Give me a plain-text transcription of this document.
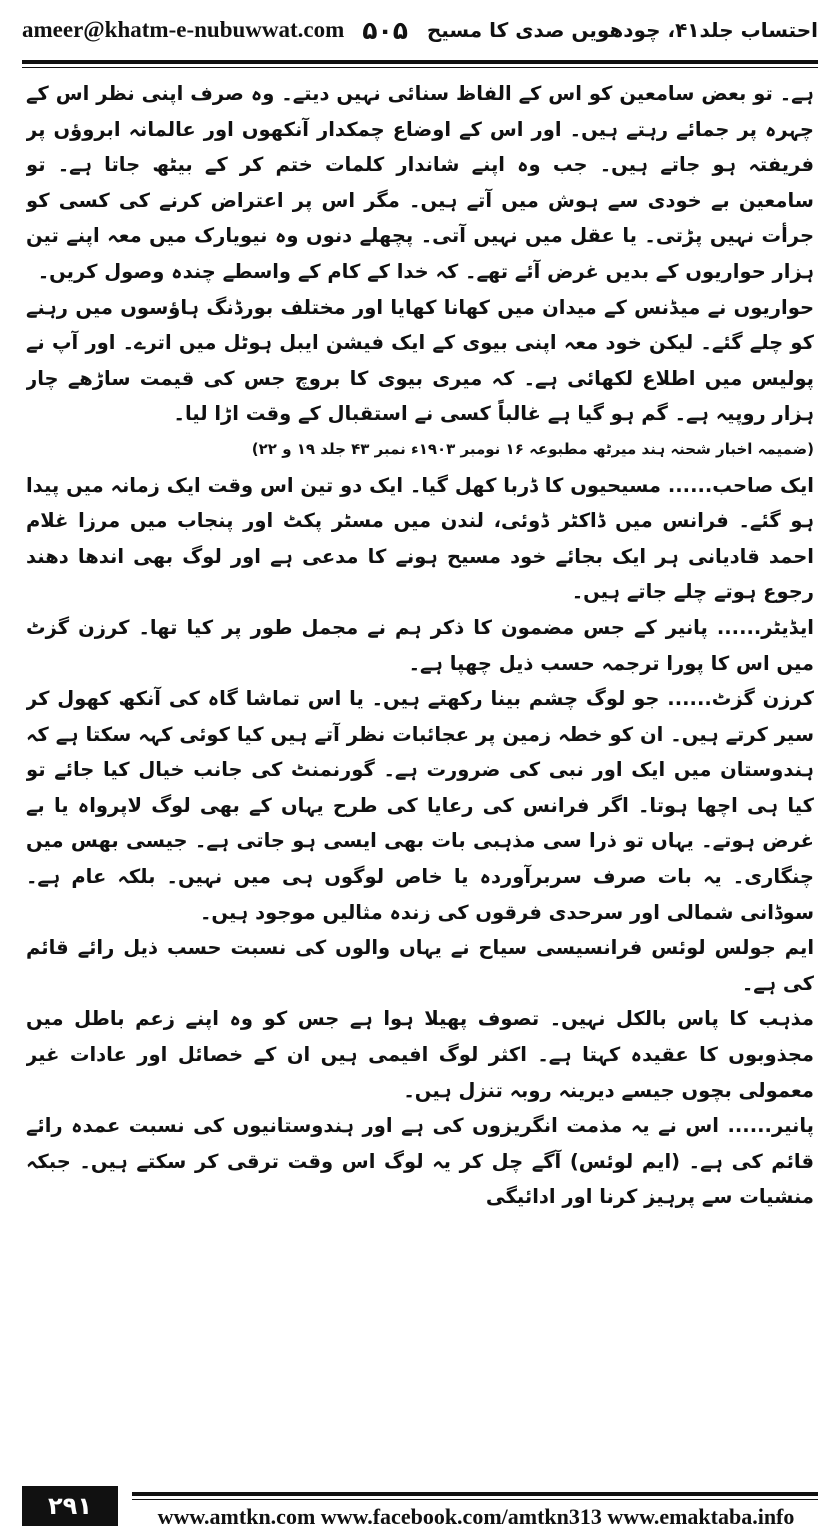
ameer@khatm-e-nubuwwat.com ۵۰۵ احتساب جلد۴۱، چودھویں صدی کا مسیح

ہے۔ تو بعض سامعین کو اس کے الفاظ سنائی نہیں دیتے۔ وہ صرف اپنی نظر اس کے چہرہ پر جمائے رہتے ہیں۔ اور اس کے اوضاع چمکدار آنکھوں اور عالمانہ ابروؤں پر فریفتہ ہو جاتے ہیں۔ جب وہ اپنے شاندار کلمات ختم کر کے بیٹھ جاتا ہے۔ تو سامعین بے خودی سے ہوش میں آتے ہیں۔ مگر اس پر اعتراض کرنے کی کسی کو جرأت نہیں پڑتی۔ یا عقل میں نہیں آتی۔ پچھلے دنوں وہ نیویارک میں معہ اپنے تین ہزار حواریوں کے بدیں غرض آئے تھے۔ کہ خدا کے کام کے واسطے چندہ وصول کریں۔

حواریوں نے میڈنس کے میدان میں کھانا کھایا اور مختلف بورڈنگ ہاؤسوں میں رہنے کو چلے گئے۔ لیکن خود معہ اپنی بیوی کے ایک فیشن ایبل ہوٹل میں اترے۔ اور آپ نے پولیس میں اطلاع لکھائی ہے۔ کہ میری بیوی کا بروچ جس کی قیمت ساڑھے چار ہزار روپیہ ہے۔ گم ہو گیا ہے غالباً کسی نے استقبال کے وقت اڑا لیا۔

(ضمیمہ اخبار شحنہ ہند میرٹھ مطبوعہ ۱۶ نومبر ۱۹۰۳ء نمبر ۴۳ جلد ۱۹ و ۲۲)

ایک صاحب...... مسیحیوں کا ڈربا کھل گیا۔ ایک دو تین اس وقت ایک زمانہ میں پیدا ہو گئے۔ فرانس میں ڈاکٹر ڈوئی، لندن میں مسٹر پکٹ اور پنجاب میں مرزا غلام احمد قادیانی ہر ایک بجائے خود مسیح ہونے کا مدعی ہے اور لوگ بھی اندھا دھند رجوع ہوتے چلے جاتے ہیں۔

ایڈیٹر...... پانیر کے جس مضمون کا ذکر ہم نے مجمل طور پر کیا تھا۔ کرزن گزٹ میں اس کا پورا ترجمہ حسب ذیل چھپا ہے۔

کرزن گزٹ...... جو لوگ چشم بینا رکھتے ہیں۔ یا اس تماشا گاہ کی آنکھ کھول کر سیر کرتے ہیں۔ ان کو خطہ زمین پر عجائبات نظر آتے ہیں کیا کوئی کہہ سکتا ہے کہ ہندوستان میں ایک اور نبی کی ضرورت ہے۔ گورنمنٹ کی جانب خیال کیا جائے تو کیا ہی اچھا ہوتا۔ اگر فرانس کی رعایا کی طرح یہاں کے بھی لوگ لاپرواہ یا بے غرض ہوتے۔ یہاں تو ذرا سی مذہبی بات بھی ایسی ہو جاتی ہے۔ جیسی بھس میں چنگاری۔ یہ بات صرف سربرآوردہ یا خاص لوگوں ہی میں نہیں۔ بلکہ عام ہے۔ سوڈانی شمالی اور سرحدی فرقوں کی زندہ مثالیں موجود ہیں۔

ایم جولس لوئس فرانسیسی سیاح نے یہاں والوں کی نسبت حسب ذیل رائے قائم کی ہے۔

مذہب کا پاس بالکل نہیں۔ تصوف پھیلا ہوا ہے جس کو وہ اپنے زعم باطل میں مجذوبوں کا عقیدہ کہتا ہے۔ اکثر لوگ افیمی ہیں ان کے خصائل اور عادات غیر معمولی بچوں جیسے دیرینہ روبہ تنزل ہیں۔

پانیر...... اس نے یہ مذمت انگریزوں کی ہے اور ہندوستانیوں کی نسبت عمدہ رائے قائم کی ہے۔ (ایم لوئس) آگے چل کر یہ لوگ اس وقت ترقی کر سکتے ہیں۔ جبکہ منشیات سے پرہیز کرنا اور ادائیگی

۲۹۱	www.amtkn.com www.facebook.com/amtkn313 www.emaktaba.info
